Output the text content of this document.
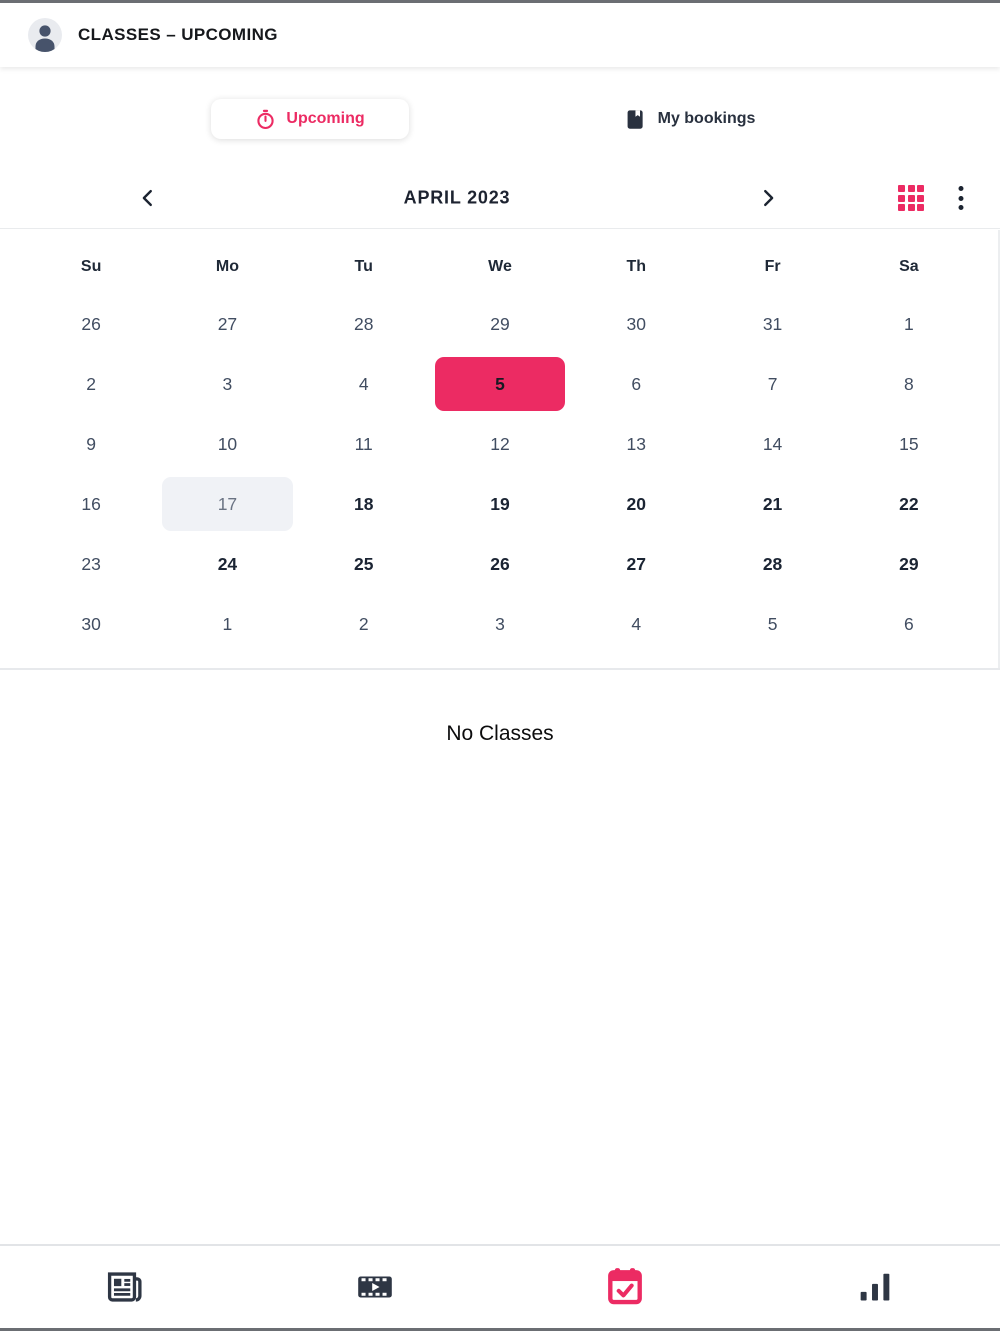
CLASSES – UPCOMING
Upcoming	My bookings
APRIL 2023
Su	Mo	Tu	We	Th	Fr	Sa
26	27	28	29	30	31	1
2	3	4	5	6	7	8
9	10	11	12	13	14	15
16	17	18	19	20	21	22
23	24	25	26	27	28	29
30	1	2	3	4	5	6
No Classes
